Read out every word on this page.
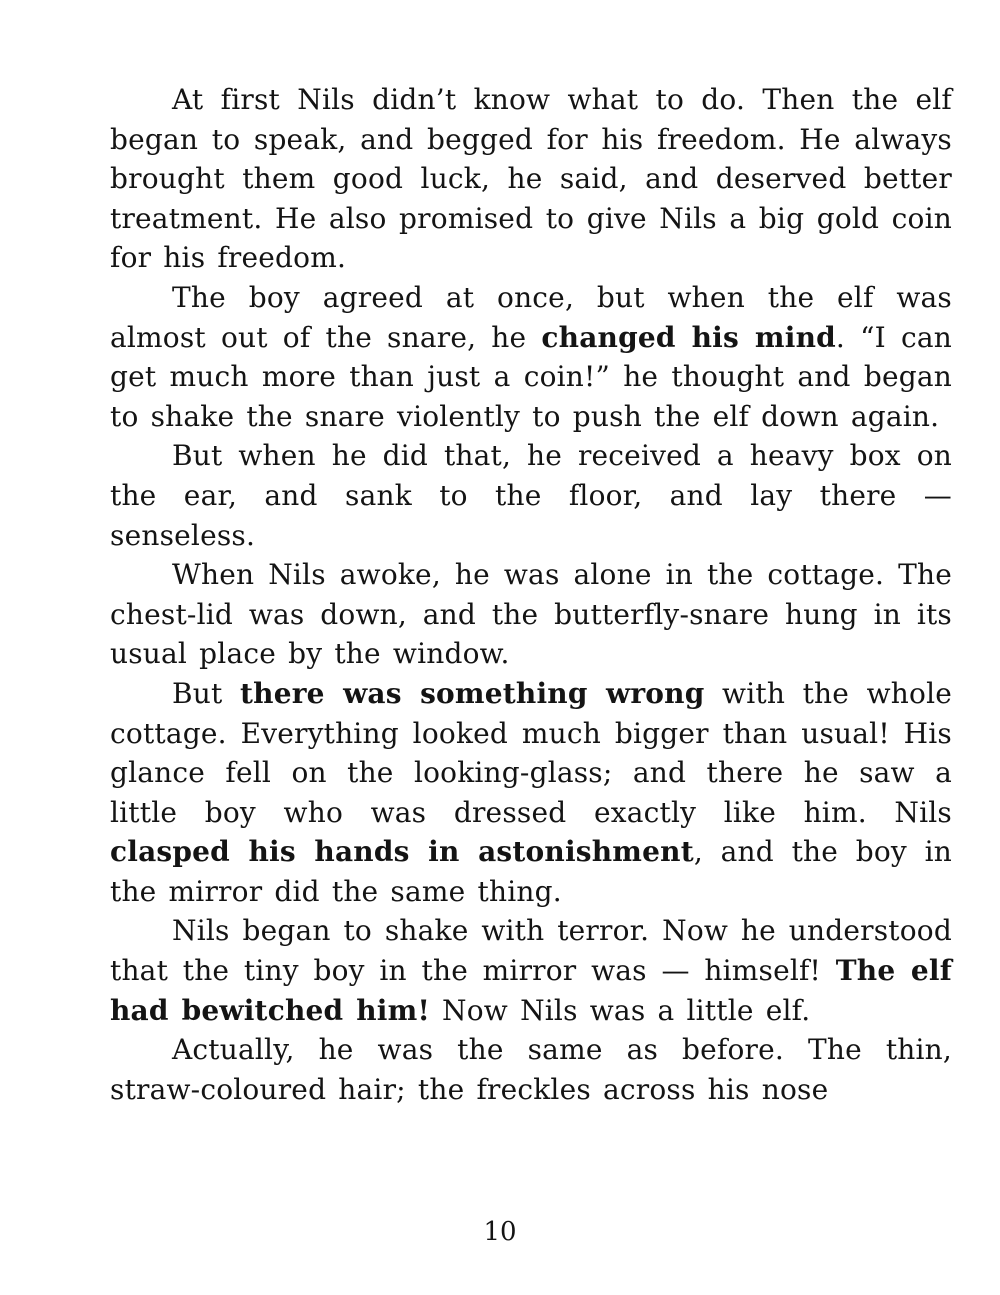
At first Nils didn’t know what to do. Then the elf began to speak, and begged for his freedom. He always brought them good luck, he said, and deserved better treatment. He also promised to give Nils a big gold coin for his freedom.

The boy agreed at once, but when the elf was almost out of the snare, he changed his mind. “I can get much more than just a coin!” he thought and began to shake the snare violently to push the elf down again.

But when he did that, he received a heavy box on the ear, and sank to the floor, and lay there — senseless.

When Nils awoke, he was alone in the cottage. The chest-lid was down, and the butterfly-snare hung in its usual place by the window.

But there was something wrong with the whole cottage. Everything looked much bigger than usual! His glance fell on the looking-glass; and there he saw a little boy who was dressed exactly like him. Nils clasped his hands in astonishment, and the boy in the mirror did the same thing.

Nils began to shake with terror. Now he understood that the tiny boy in the mirror was — himself! The elf had bewitched him! Now Nils was a little elf.

Actually, he was the same as before. The thin, straw-coloured hair; the freckles across his nose

10
